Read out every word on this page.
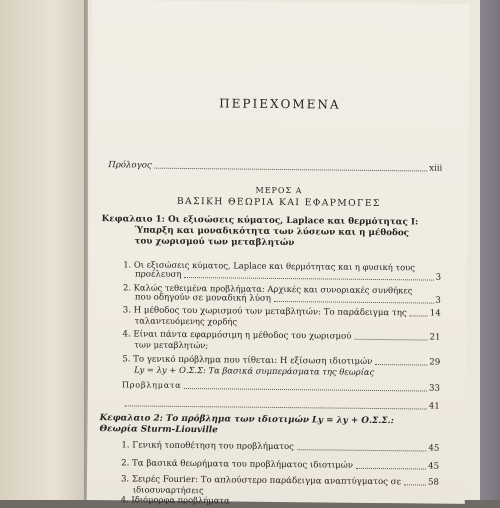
ΠΕΡΙΕΧΟΜΕΝΑ
Πρόλογος	xiii
ΜΕΡΟΣ Α
ΒΑΣΙΚΗ ΘΕΩΡΙΑ ΚΑΙ ΕΦΑΡΜΟΓΕΣ
Κεφαλαιο 1: Οι εξισώσεις κύματος, Laplace και θερμότητας Ι:
Ύπαρξη και μοναδικότητα των λύσεων και η μέθοδος
του χωρισμού των μεταβλητών
1. Οι εξισώσεις κύματος, Laplace και θερμότητας και η φυσική τους
προέλευση	3
2. Καλώς τεθειμένα προβλήματα: Αρχικές και συνοριακές συνθήκες
που οδηγούν σε μοναδική λύση	3
3. Η μέθοδος του χωρισμού των μεταβλητών: Το παράδειγμα της	14
ταλαντευόμενης χορδής
4. Είναι πάντα εφαρμόσιμη η μέθοδος του χωρισμού	21
των μεταβλητών;
5. Το γενικό πρόβλημα που τίθεται: Η εξίσωση ιδιοτιμών	29
Ly = λy + Ο.Σ.Σ: Τα βασικά συμπεράσματα της θεωρίας
Προβληματα	33
41
Κεφαλαιο 2: Το πρόβλημα των ιδιοτιμών Ly = λy + Ο.Σ.Σ.:
Θεωρία Sturm-Liouville
1. Γενική τοποθέτηση του προβλήματος	45
2. Τα βασικά θεωρήματα του προβλήματος ιδιοτιμών	45
3. Σειρές Fourier: Το απλούστερο παράδειγμα αναπτύγματος σε	58
ιδιοσυναρτήσεις
4. Ιδιόμορφα προβλήματα
